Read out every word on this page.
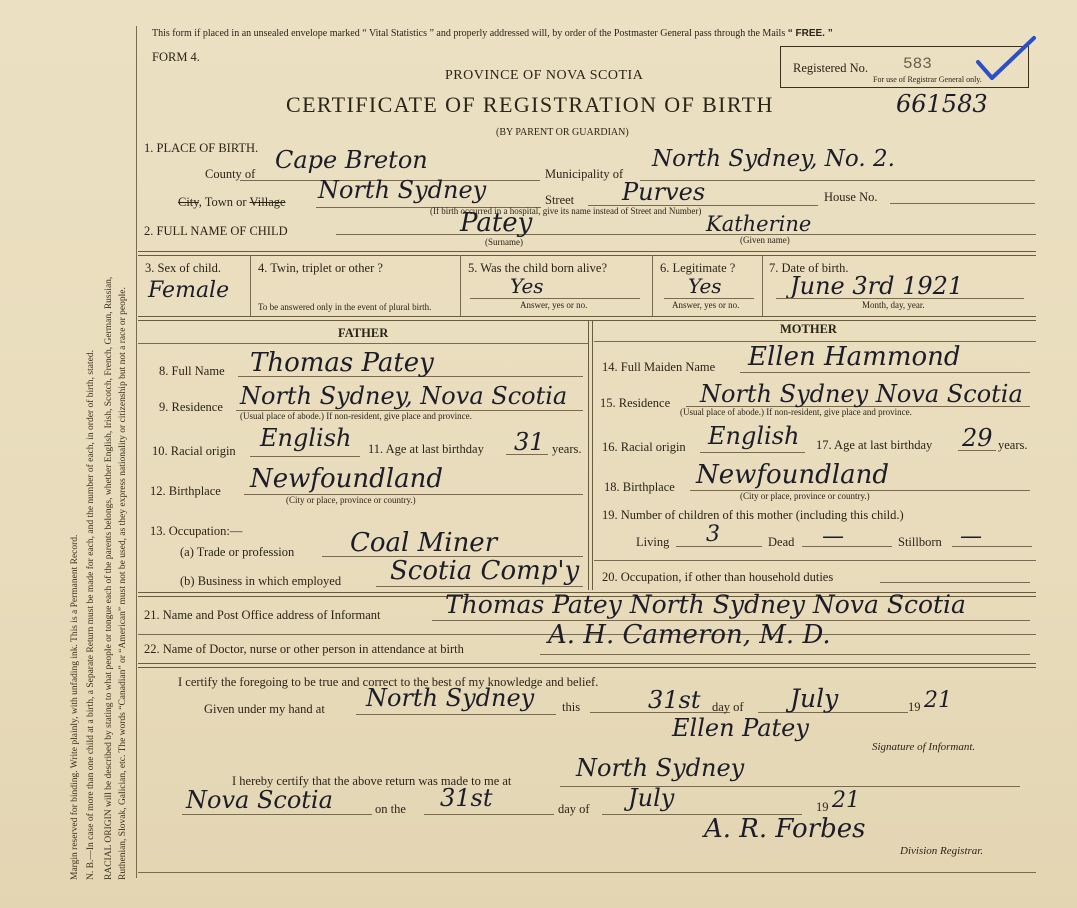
Margin reserved for binding. Write plainly, with unfading ink. This is a Permanent Record. N. B.—In case of more than one child at a birth, a Separate Return must be made for each, and the number of each, in order of birth, stated. RACIAL ORIGIN will be described by stating to what people or tongue each of the parents belongs, whether English, Irish, Scotch, French, German, Russian, Ruthenian, Slovak, Galician, etc. The words “Canadian” or “American” must not be used, as they express nationality or citizenship but not a race or people.
This form if placed in an unsealed envelope marked “ Vital Statistics ” and properly addressed will, by order of the Postmaster General pass through the Mails “ FREE. ”
FORM 4.
PROVINCE OF NOVA SCOTIA
CERTIFICATE OF REGISTRATION OF BIRTH	661583
(BY PARENT OR GUARDIAN)
Registered No. 583
For use of Registrar General only.
1. PLACE OF BIRTH.
County of Cape Breton	Municipality of
North Sydney, No. 2.
City, Town or Village North Sydney	Street Purves	House No.
(If birth occurred in a hospital, give its name instead of Street and Number)
2. FULL NAME OF CHILD	Patey
(Surname)
Katherine
(Given name)
3. Sex of child.
Female
4. Twin, triplet or other ?
To be answered only in the event of plural birth.
5. Was the child born alive?
Yes
Answer, yes or no.
6. Legitimate ?
Yes
Answer, yes or no.
7. Date of birth.
June 3rd 1921
Month, day, year.
FATHER	MOTHER
8. Full Name Thomas Patey
9. Residence North Sydney, Nova Scotia
(Usual place of abode.) If non-resident, give place and province.
10. Racial origin English 11. Age at last birthday 31 years.
12. Birthplace Newfoundland
(City or place, province or country.)
13. Occupation:—
(a) Trade or profession Coal Miner
(b) Business in which employed Scotia Comp'y
14. Full Maiden Name Ellen Hammond
15. Residence North Sydney Nova Scotia
(Usual place of abode.) If non-resident, give place and province.
16. Racial origin English 17. Age at last birthday 29 years.
18. Birthplace Newfoundland
(City or place, province or country.)
19. Number of children of this mother (including this child.)
Living 3	Dead —	Stillborn —
20. Occupation, if other than household duties
21. Name and Post Office address of Informant	Thomas Patey North Sydney Nova Scotia
22. Name of Doctor, nurse or other person in attendance at birth	A. H. Cameron, M. D.
I certify the foregoing to be true and correct to the best of my knowledge and belief.
Given under my hand at North Sydney this	31st day of July	19 21
Ellen Patey
Signature of Informant.
I hereby certify that the above return was made to me at	North Sydney
Nova Scotia	on the 31st	day of July	19 21
A. R. Forbes
Division Registrar.
